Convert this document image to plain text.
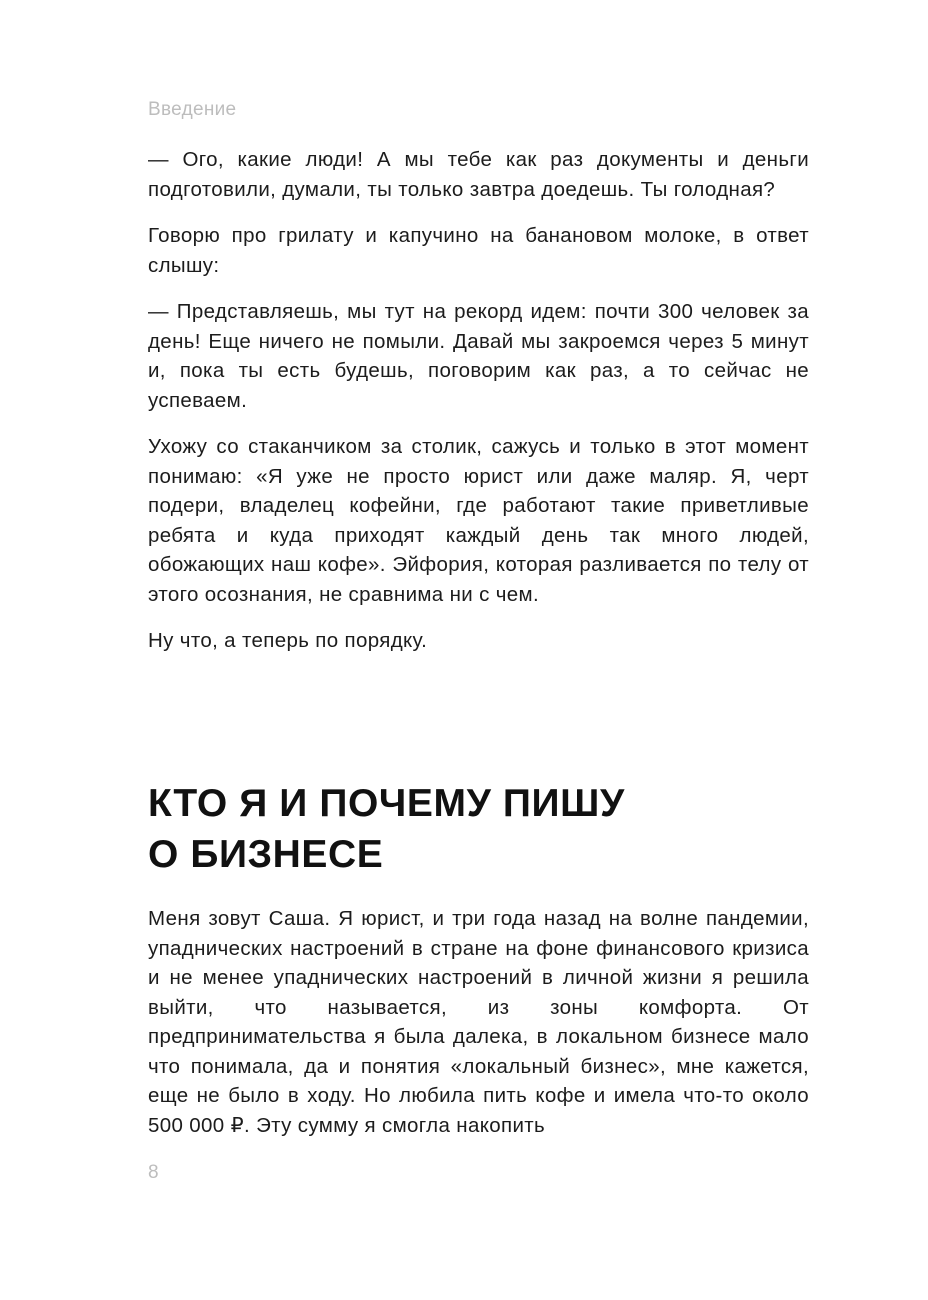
Введение

— Ого, какие люди! А мы тебе как раз документы и деньги подготовили, думали, ты только завтра доедешь. Ты голодная?

Говорю про грилату и капучино на банановом молоке, в ответ слышу:

— Представляешь, мы тут на рекорд идем: почти 300 человек за день! Еще ничего не помыли. Давай мы закроемся через 5 минут и, пока ты есть будешь, поговорим как раз, а то сейчас не успеваем.

Ухожу со стаканчиком за столик, сажусь и только в этот момент понимаю: «Я уже не просто юрист или даже маляр. Я, черт подери, владелец кофейни, где работают такие приветливые ребята и куда приходят каждый день так много людей, обожающих наш кофе». Эйфория, которая разливается по телу от этого осознания, не сравнима ни с чем.

Ну что, а теперь по порядку.

КТО Я И ПОЧЕМУ ПИШУ
О БИЗНЕСЕ

Меня зовут Саша. Я юрист, и три года назад на волне пандемии, упаднических настроений в стране на фоне финансового кризиса и не менее упаднических настроений в личной жизни я решила выйти, что называется, из зоны комфорта. От предпринимательства я была далека, в локальном бизнесе мало что понимала, да и понятия «локальный бизнес», мне кажется, еще не было в ходу. Но любила пить кофе и имела что-то около 500 000 ₽. Эту сумму я смогла накопить

8
